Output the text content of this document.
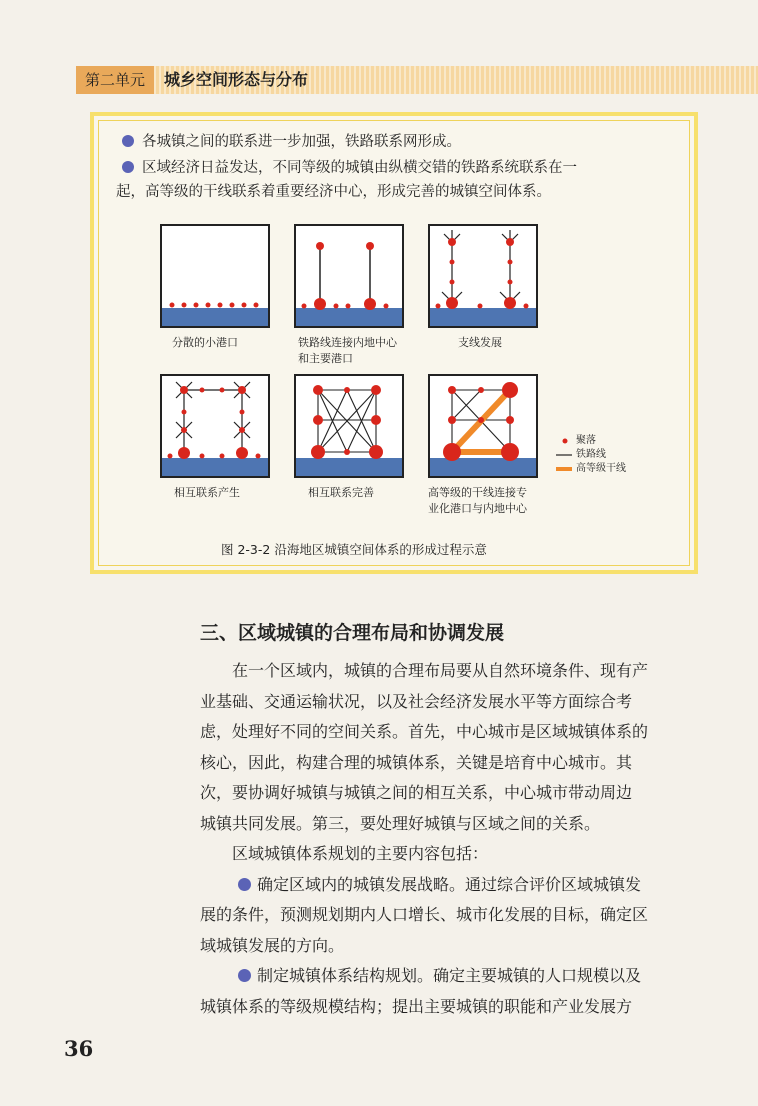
第二单元	城乡空间形态与分布
各城镇之间的联系进一步加强，铁路联系网形成。
区域经济日益发达，不同等级的城镇由纵横交错的铁路系统联系在一
起，高等级的干线联系着重要经济中心，形成完善的城镇空间体系。
分散的小港口	铁路线连接内地中心
和主要港口
支线发展
相互联系产生	相互联系完善	高等级的干线连接专
业化港口与内地中心
聚落
铁路线
高等级干线
图 2-3-2 沿海地区城镇空间体系的形成过程示意
三、区域城镇的合理布局和协调发展

在一个区域内，城镇的合理布局要从自然环境条件、现有产

业基础、交通运输状况，以及社会经济发展水平等方面综合考

虑，处理好不同的空间关系。首先，中心城市是区域城镇体系的

核心，因此，构建合理的城镇体系，关键是培育中心城市。其

次，要协调好城镇与城镇之间的相互关系，中心城市带动周边

城镇共同发展。第三，要处理好城镇与区域之间的关系。

区域城镇体系规划的主要内容包括：

确定区域内的城镇发展战略。通过综合评价区域城镇发

展的条件，预测规划期内人口增长、城市化发展的目标，确定区

域城镇发展的方向。

制定城镇体系结构规划。确定主要城镇的人口规模以及

城镇体系的等级规模结构；提出主要城镇的职能和产业发展方

36
